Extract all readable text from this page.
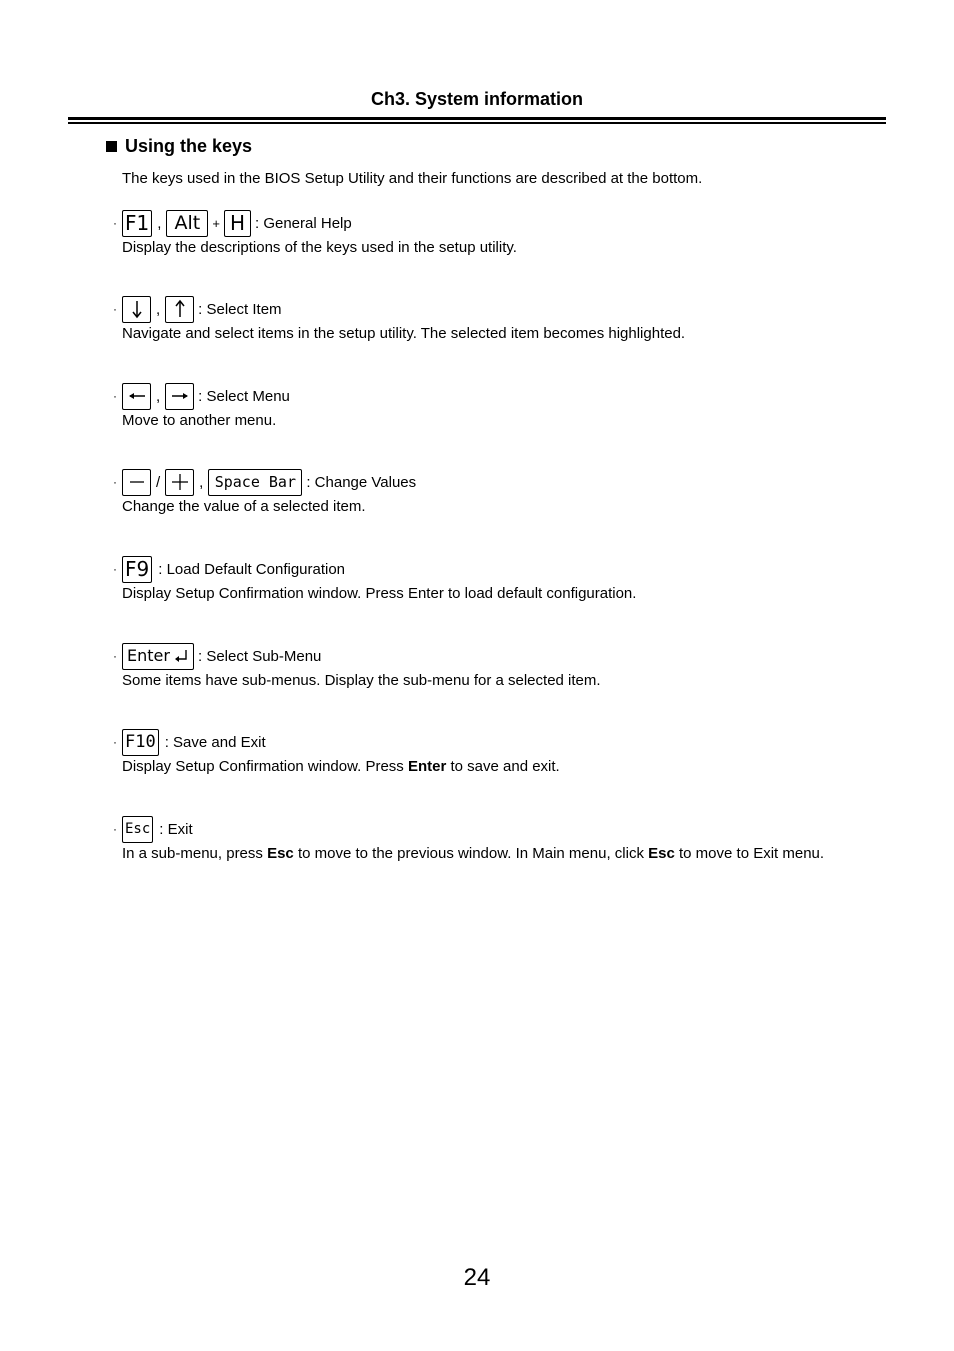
Ch3. System information
Using the keys
The keys used in the BIOS Setup Utility and their functions are described at the bottom.
· F1 , Alt + H : General Help
Display the descriptions of the keys used in the setup utility.
·	,	: Select Item
Navigate and select items in the setup utility. The selected item becomes highlighted.
·	,	: Select Menu
Move to another menu.
·	/	, Space Bar : Change Values
Change the value of a selected item.
· F9 : Load Default Configuration
Display Setup Confirmation window. Press Enter to load default configuration.
· Enter : Select Sub-Menu
Some items have sub-menus. Display the sub-menu for a selected item.
· F10 : Save and Exit
Display Setup Confirmation window. Press Enter to save and exit.
· Esc : Exit
In a sub-menu, press Esc to move to the previous window. In Main menu, click Esc to move to Exit menu.
24
